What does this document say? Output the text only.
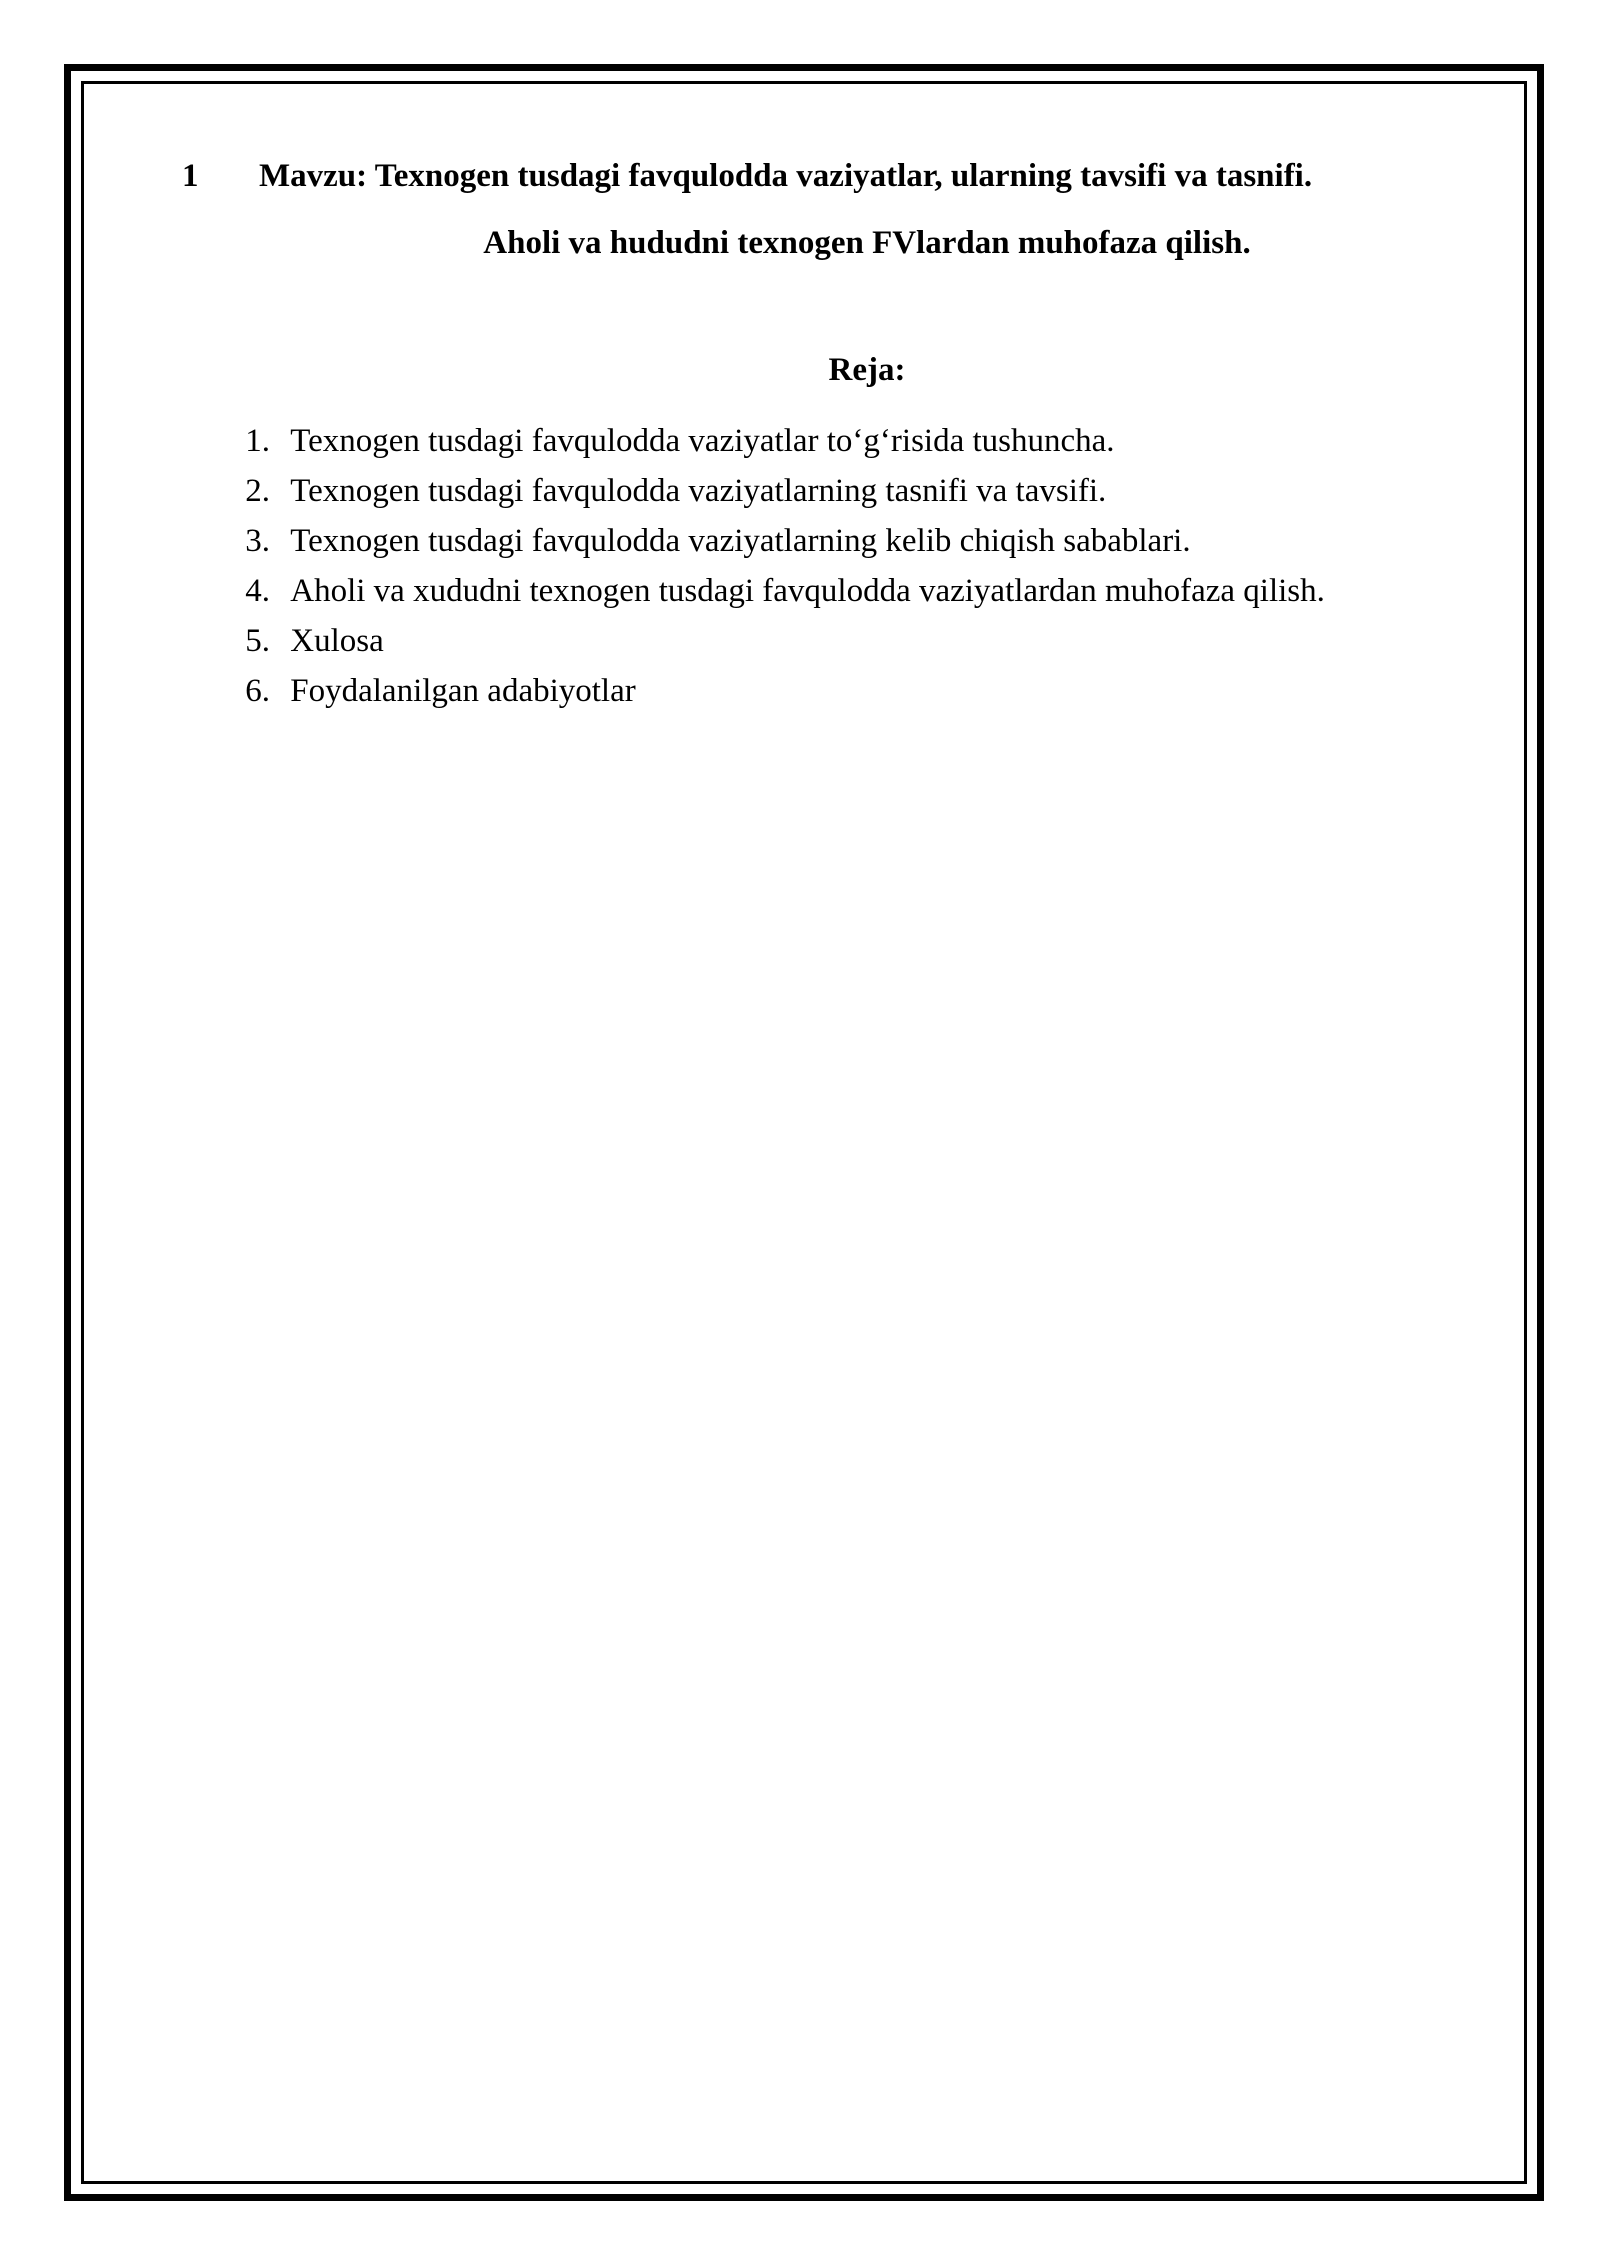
1 Mavzu: Texnogen tusdagi favqulodda vaziyatlar, ularning tavsifi va tasnifi.
Aholi va hududni texnogen FVlardan muhofaza qilish.
Reja:
1. Texnogen tusdagi favqulodda vaziyatlar to‘g‘risida tushuncha.
2. Texnogen tusdagi favqulodda vaziyatlarning tasnifi va tavsifi.
3. Texnogen tusdagi favqulodda vaziyatlarning kelib chiqish sabablari.
4. Aholi va xududni texnogen tusdagi favqulodda vaziyatlardan muhofaza qilish.
5. Xulosa
6. Foydalanilgan adabiyotlar
